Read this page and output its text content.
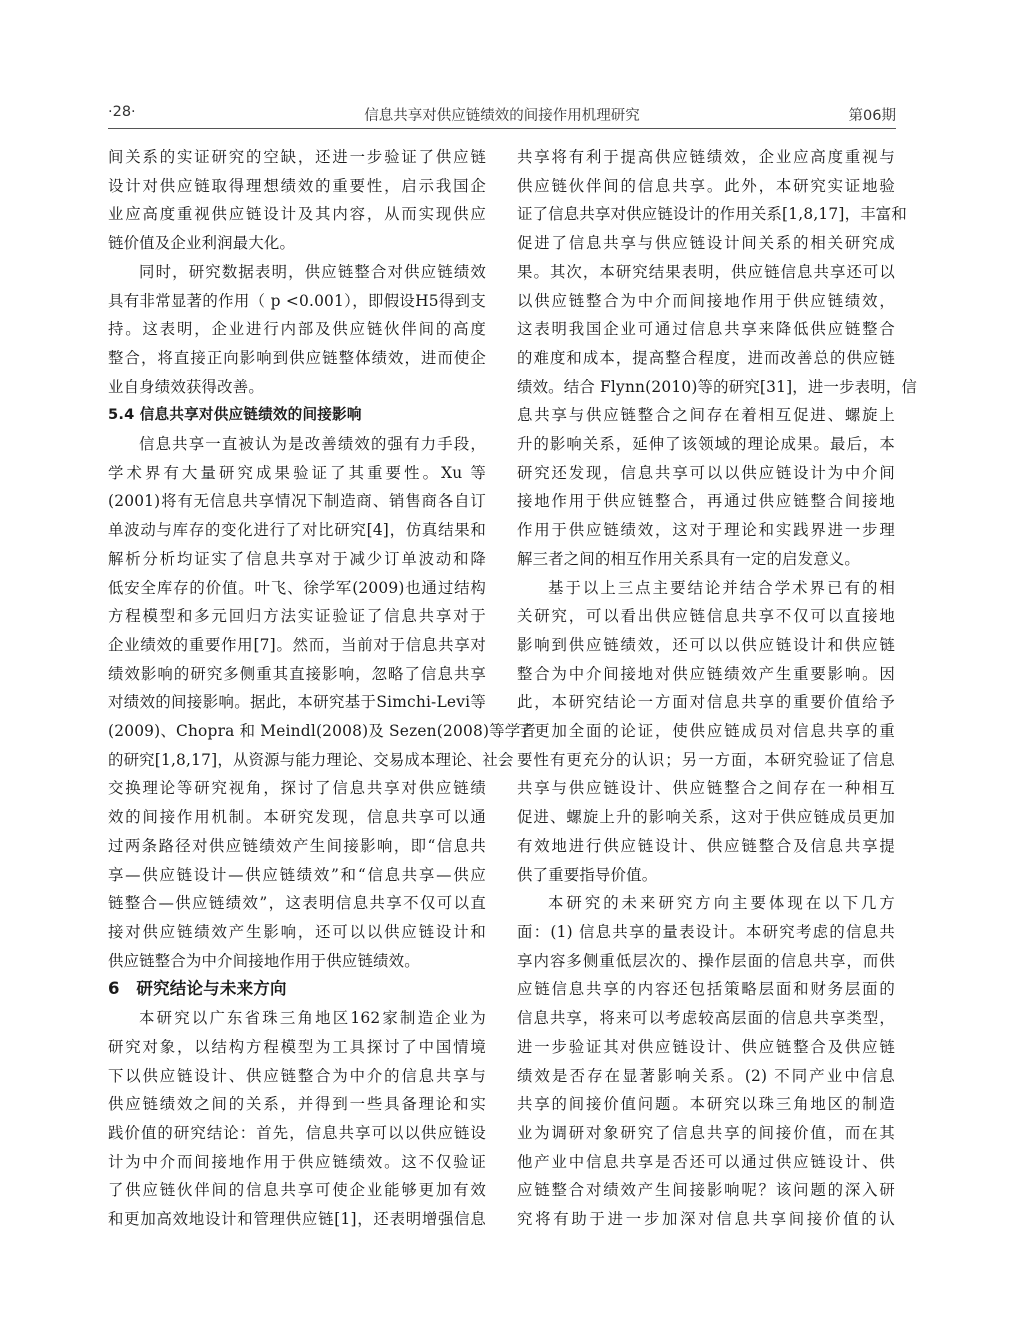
·28·	信息共享对供应链绩效的间接作用机理研究	第06期

间关系的实证研究的空缺，还进一步验证了供应链

设计对供应链取得理想绩效的重要性，启示我国企

业应高度重视供应链设计及其内容，从而实现供应

链价值及企业利润最大化。

同时，研究数据表明，供应链整合对供应链绩效

具有非常显著的作用（ p <0.001），即假设H5得到支

持。这表明，企业进行内部及供应链伙伴间的高度

整合，将直接正向影响到供应链整体绩效，进而使企

业自身绩效获得改善。

5.4 信息共享对供应链绩效的间接影响

信息共享一直被认为是改善绩效的强有力手段，

学术界有大量研究成果验证了其重要性。Xu 等

(2001)将有无信息共享情况下制造商、销售商各自订

单波动与库存的变化进行了对比研究[4]，仿真结果和

解析分析均证实了信息共享对于减少订单波动和降

低安全库存的价值。叶飞、徐学军(2009)也通过结构

方程模型和多元回归方法实证验证了信息共享对于

企业绩效的重要作用[7]。然而，当前对于信息共享对

绩效影响的研究多侧重其直接影响，忽略了信息共享

对绩效的间接影响。据此，本研究基于Simchi-Levi等

(2009)、Chopra 和 Meindl(2008)及 Sezen(2008)等学者

的研究[1,8,17]，从资源与能力理论、交易成本理论、社会

交换理论等研究视角，探讨了信息共享对供应链绩

效的间接作用机制。本研究发现，信息共享可以通

过两条路径对供应链绩效产生间接影响，即“信息共

享—供应链设计—供应链绩效”和“信息共享—供应

链整合—供应链绩效”，这表明信息共享不仅可以直

接对供应链绩效产生影响，还可以以供应链设计和

供应链整合为中介间接地作用于供应链绩效。

6　研究结论与未来方向

本研究以广东省珠三角地区162家制造企业为

研究对象，以结构方程模型为工具探讨了中国情境

下以供应链设计、供应链整合为中介的信息共享与

供应链绩效之间的关系，并得到一些具备理论和实

践价值的研究结论：首先，信息共享可以以供应链设

计为中介而间接地作用于供应链绩效。这不仅验证

了供应链伙伴间的信息共享可使企业能够更加有效

和更加高效地设计和管理供应链[1]，还表明增强信息

共享将有利于提高供应链绩效，企业应高度重视与

供应链伙伴间的信息共享。此外，本研究实证地验

证了信息共享对供应链设计的作用关系[1,8,17]，丰富和

促进了信息共享与供应链设计间关系的相关研究成

果。其次，本研究结果表明，供应链信息共享还可以

以供应链整合为中介而间接地作用于供应链绩效，

这表明我国企业可通过信息共享来降低供应链整合

的难度和成本，提高整合程度，进而改善总的供应链

绩效。结合 Flynn(2010)等的研究[31]，进一步表明，信

息共享与供应链整合之间存在着相互促进、螺旋上

升的影响关系，延伸了该领域的理论成果。最后，本

研究还发现，信息共享可以以供应链设计为中介间

接地作用于供应链整合，再通过供应链整合间接地

作用于供应链绩效，这对于理论和实践界进一步理

解三者之间的相互作用关系具有一定的启发意义。

基于以上三点主要结论并结合学术界已有的相

关研究，可以看出供应链信息共享不仅可以直接地

影响到供应链绩效，还可以以供应链设计和供应链

整合为中介间接地对供应链绩效产生重要影响。因

此，本研究结论一方面对信息共享的重要价值给予

了更加全面的论证，使供应链成员对信息共享的重

要性有更充分的认识；另一方面，本研究验证了信息

共享与供应链设计、供应链整合之间存在一种相互

促进、螺旋上升的影响关系，这对于供应链成员更加

有效地进行供应链设计、供应链整合及信息共享提

供了重要指导价值。

本研究的未来研究方向主要体现在以下几方

面：(1) 信息共享的量表设计。本研究考虑的信息共

享内容多侧重低层次的、操作层面的信息共享，而供

应链信息共享的内容还包括策略层面和财务层面的

信息共享，将来可以考虑较高层面的信息共享类型，

进一步验证其对供应链设计、供应链整合及供应链

绩效是否存在显著影响关系。(2) 不同产业中信息

共享的间接价值问题。本研究以珠三角地区的制造

业为调研对象研究了信息共享的间接价值，而在其

他产业中信息共享是否还可以通过供应链设计、供

应链整合对绩效产生间接影响呢？该问题的深入研

究将有助于进一步加深对信息共享间接价值的认
